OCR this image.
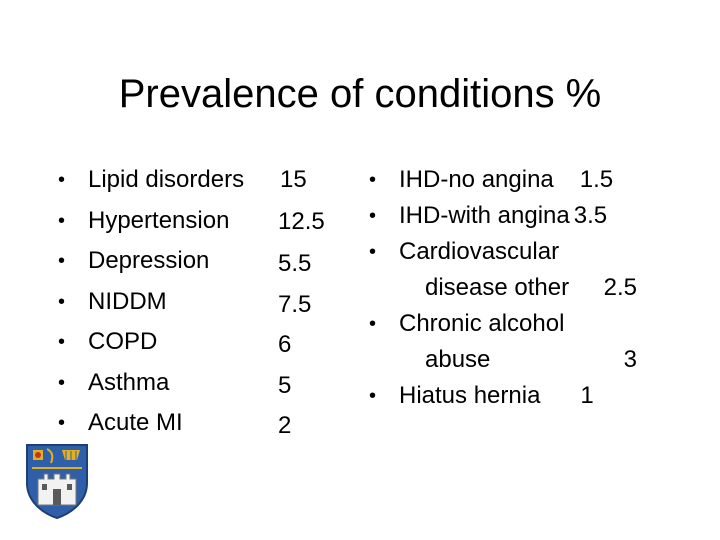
Prevalence of conditions %
Lipid disorders 15
Hypertension 12.5
Depression	5.5
NIDDM	7.5
COPD	6
Asthma	5
Acute MI	2
• IHD-no angina 1.5
• IHD-with angina 3.5
• Cardiovascular
disease other 2.5
• Chronic alcohol
abuse	3
• Hiatus hernia 1
